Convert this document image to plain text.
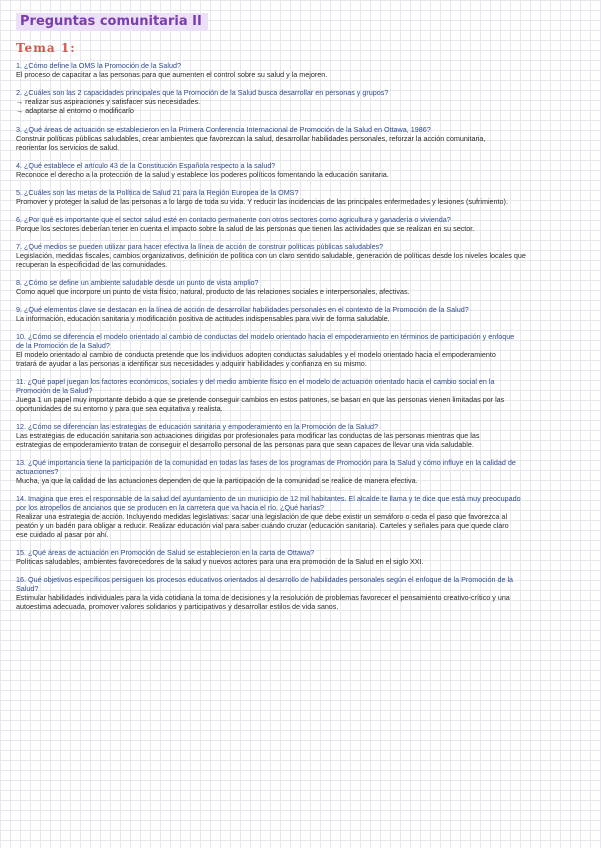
Preguntas comunitaria II
Tema 1:

1. ¿Cómo define la OMS la Promoción de la Salud?

El proceso de capacitar a las personas para que aumenten el control sobre su salud y la mejoren.

2. ¿Cuáles son las 2 capacidades principales que la Promoción de la Salud busca desarrollar en personas y grupos?

→ realizar sus aspiraciones y satisfacer sus necesidades.
→ adaptarse al entorno o modificarlo

3. ¿Qué áreas de actuación se establecieron en la Primera Conferencia Internacional de Promoción de la Salud en Ottawa, 1986?

Construir políticas públicas saludables, crear ambientes que favorezcan la salud, desarrollar habilidades personales, reforzar la acción comunitaria,
reorientar los servicios de salud.

4. ¿Qué establece el artículo 43 de la Constitución Española respecto a la salud?

Reconoce el derecho a la protección de la salud y establece los poderes políticos fomentando la educación sanitaria.

5. ¿Cuáles son las metas de la Política de Salud 21 para la Región Europea de la OMS?

Promover y proteger la salud de las personas a lo largo de toda su vida. Y reducir las incidencias de las principales enfermedades y lesiones (sufrimiento).

6. ¿Por qué es importante que el sector salud esté en contacto permanente con otros sectores como agricultura y ganadería o vivienda?

Porque los sectores deberían tener en cuenta el impacto sobre la salud de las personas que tienen las actividades que se realizan en su sector.

7. ¿Qué medios se pueden utilizar para hacer efectiva la línea de acción de construir políticas públicas saludables?

Legislación, medidas fiscales, cambios organizativos, definición de política con un claro sentido saludable, generación de políticas desde los niveles locales que
recuperan la especificidad de las comunidades.

8. ¿Cómo se define un ambiente saludable desde un punto de vista amplio?

Como aquel que incorpore un punto de vista físico, natural, producto de las relaciones sociales e interpersonales, afectivas.

9. ¿Qué elementos clave se destacan en la línea de acción de desarrollar habilidades personales en el contexto de la Promoción de la Salud?

La información, educación sanitaria y modificación positiva de actitudes indispensables para vivir de forma saludable.

10. ¿Cómo se diferencia el modelo orientado al cambio de conductas del modelo orientado hacia el empoderamiento en términos de participación y enfoque
de la Promoción de la Salud?

El modelo orientado al cambio de conducta pretende que los individuos adopten conductas saludables y el modelo orientado hacia el empoderamiento
tratará de ayudar a las personas a identificar sus necesidades y adquirir habilidades y confianza en su mismo.

11. ¿Qué papel juegan los factores económicos, sociales y del medio ambiente físico en el modelo de actuación orientado hacia el cambio social en la
Promoción de la Salud?

Juega 1 un papel muy importante debido a que se pretende conseguir cambios en estos patrones, se basan en que las personas vienen limitadas por las
oportunidades de su entorno y para que sea equitativa y realista.

12. ¿Cómo se diferencian las estrategias de educación sanitaria y empoderamiento en la Promoción de la Salud?

Las estrategias de educación sanitaria son actuaciones dirigidas por profesionales para modificar las conductas de las personas mientras que las
estrategias de empoderamiento tratan de conseguir el desarrollo personal de las personas para que sean capaces de llevar una vida saludable.

13. ¿Qué importancia tiene la participación de la comunidad en todas las fases de los programas de Promoción para la Salud y cómo influye en la calidad de
actuaciones?

Mucha, ya que la calidad de las actuaciones dependen de que la participación de la comunidad se realice de manera efectiva.

14. Imagina que eres el responsable de la salud del ayuntamiento de un municipio de 12 mil habitantes. El alcalde te llama y te dice que está muy preocupado
por los atropellos de ancianos que se producen en la carretera que va hacia el río. ¿Qué harías?

Realizar una estrategia de acción. Incluyendo medidas legislativas: sacar una legislación de que debe existir un semáforo o ceda el paso que favorezca al
peatón y un badén para obligar a reducir. Realizar educación vial para saber cuándo cruzar (educación sanitaria). Carteles y señales para que quede claro
ese cuidado al pasar por ahí.

15. ¿Qué áreas de actuación en Promoción de Salud se establecieron en la carta de Ottawa?

Políticas saludables, ambientes favorecedores de la salud y nuevos actores para una era promoción de la Salud en el siglo XXI.

16. Qué objetivos específicos persiguen los procesos educativos orientados al desarrollo de habilidades personales según el enfoque de la Promoción de la
Salud?

Estimular habilidades individuales para la vida cotidiana la toma de decisiones y la resolución de problemas favorecer el pensamiento creativo-crítico y una
autoestima adecuada, promover valores solidarios y participativos y desarrollar estilos de vida sanos.
